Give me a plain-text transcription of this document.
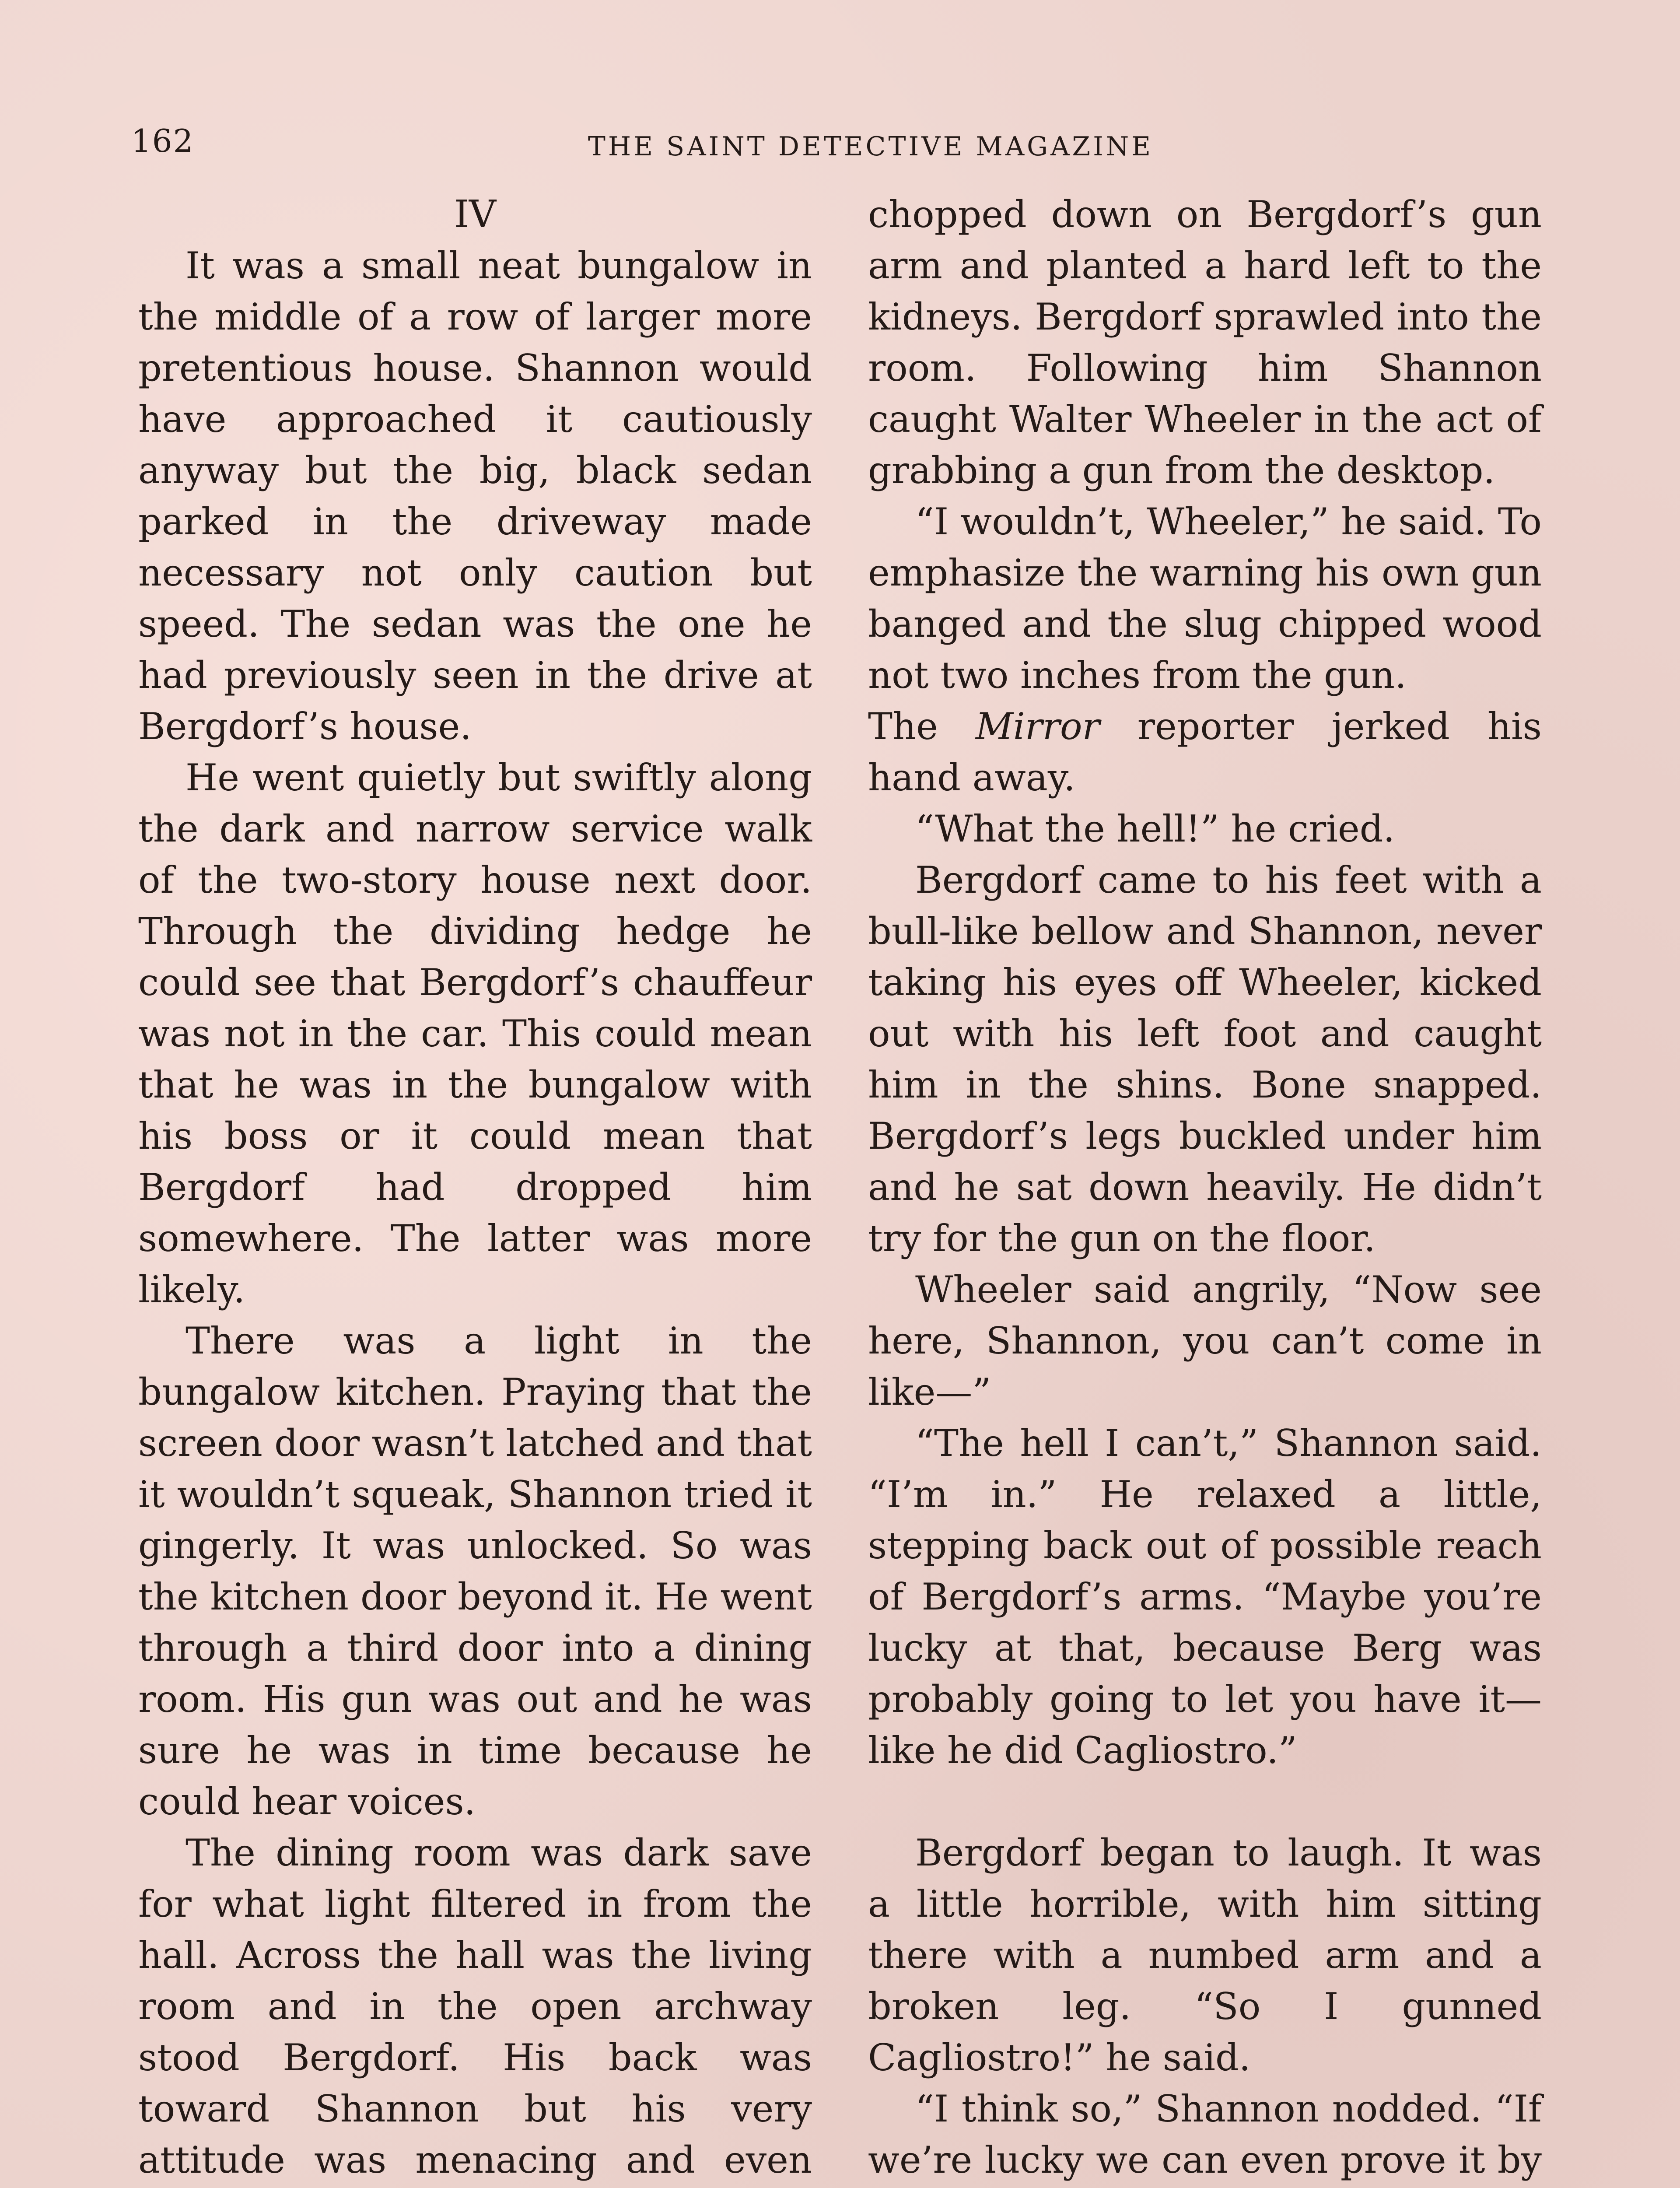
162	THE SAINT DETECTIVE MAGAZINE
IV

It was a small neat bungalow in the middle of a row of larger more pretentious house. Shannon would have approached it cautiously anyway but the big, black sedan parked in the driveway made necessary not only caution but speed. The sedan was the one he had previously seen in the drive at Bergdorf’s house.

He went quietly but swiftly along the dark and narrow service walk of the two-story house next door. Through the dividing hedge he could see that Bergdorf’s chauffeur was not in the car. This could mean that he was in the bungalow with his boss or it could mean that Bergdorf had dropped him somewhere. The latter was more likely.

There was a light in the bungalow kitchen. Praying that the screen door wasn’t latched and that it wouldn’t squeak, Shannon tried it gingerly. It was unlocked. So was the kitchen door beyond it. He went through a third door into a dining room. His gun was out and he was sure he was in time because he could hear voices.

The dining room was dark save for what light filtered in from the hall. Across the hall was the living room and in the open archway stood Bergdorf. His back was toward Shannon but his very attitude was menacing and even

chopped down on Bergdorf’s gun arm and planted a hard left to the kidneys. Bergdorf sprawled into the room. Following him Shannon caught Walter Wheeler in the act of grabbing a gun from the desktop.

“I wouldn’t, Wheeler,” he said. To emphasize the warning his own gun banged and the slug chipped wood not two inches from the gun.

The Mirror reporter jerked his hand away.

“What the hell!” he cried.

Bergdorf came to his feet with a bull-like bellow and Shannon, never taking his eyes off Wheeler, kicked out with his left foot and caught him in the shins. Bone snapped. Bergdorf’s legs buckled under him and he sat down heavily. He didn’t try for the gun on the floor.

Wheeler said angrily, “Now see here, Shannon, you can’t come in like—”

“The hell I can’t,” Shannon said. “I’m in.” He relaxed a little, stepping back out of possible reach of Bergdorf’s arms. “Maybe you’re lucky at that, because Berg was probably going to let you have it—like he did Cagliostro.”

Bergdorf began to laugh. It was a little horrible, with him sitting there with a numbed arm and a broken leg. “So I gunned Cagliostro!” he said.

“I think so,” Shannon nodded. “If we’re lucky we can even prove it by
